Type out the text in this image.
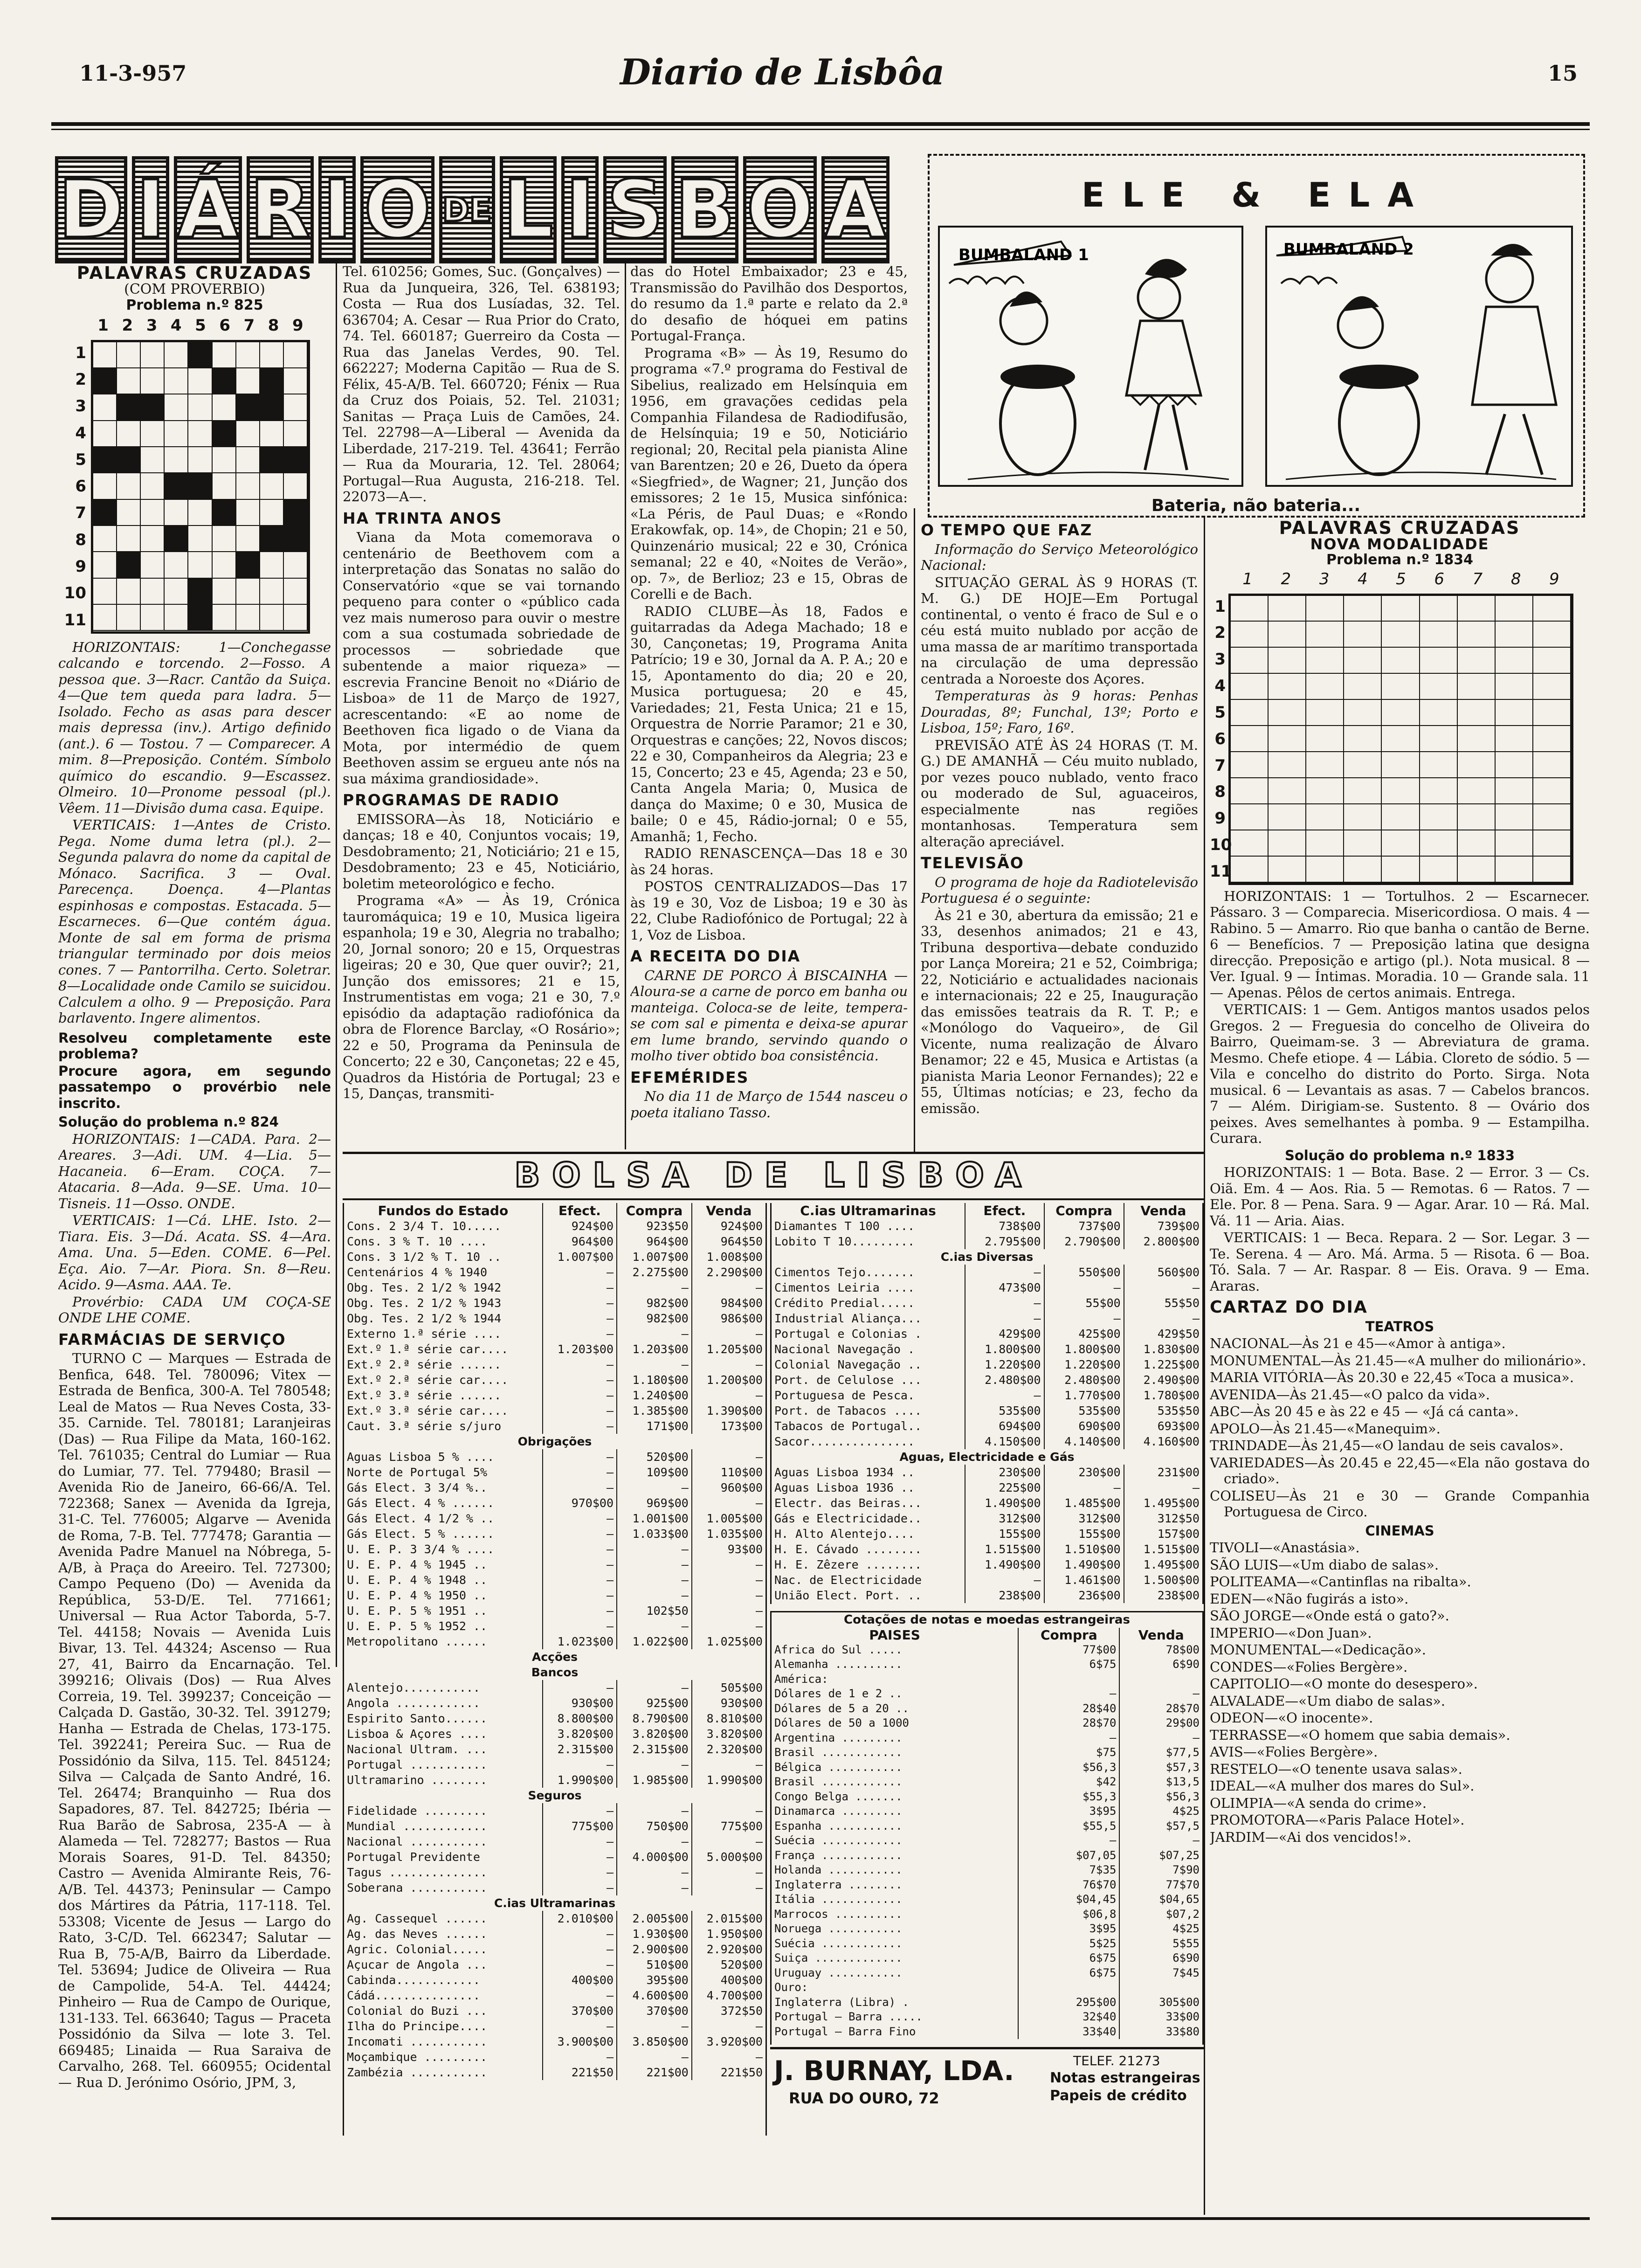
11-3-957	Diario de Lisbôa	15
D I Á R I O DE L I S B O A
PALAVRAS CRUZADAS
(COM PROVERBIO)
Problema n.º 825
1 2 3 4 5 6 7 8 9
1
2
3
4
5
6
7
8
9
10
11

HORIZONTAIS: 1—Conchegasse calcando e torcendo. 2—Fosso. A pessoa que. 3—Racr. Cantão da Suiça. 4—Que tem queda para ladra. 5—Isolado. Fecho as asas para descer mais depressa (inv.). Artigo definido (ant.). 6 — Tostou. 7 — Comparecer. A mim. 8—Preposição. Contém. Símbolo químico do escandio. 9—Escassez. Olmeiro. 10—Pronome pessoal (pl.). Vêem. 11—Divisão duma casa. Equipe.

VERTICAIS: 1—Antes de Cristo. Pega. Nome duma letra (pl.). 2—Segunda palavra do nome da capital de Mónaco. Sacrifica. 3 — Oval. Parecença. Doença. 4—Plantas espinhosas e compostas. Estacada. 5—Escarneces. 6—Que contém água. Monte de sal em forma de prisma triangular terminado por dois meios cones. 7 — Pantorrilha. Certo. Soletrar. 8—Localidade onde Camilo se suicidou. Calculem a olho. 9 — Preposição. Para barlavento. Ingere alimentos.

Resolveu completamente este problema?

Procure agora, em segundo passatempo o provérbio nele inscrito.

Solução do problema n.º 824

HORIZONTAIS: 1—CADA. Para. 2—Areares. 3—Adi. UM. 4—Lia. 5—Hacaneia. 6—Eram. COÇA. 7—Atacaria. 8—Ada. 9—SE. Uma. 10—Tisneis. 11—Osso. ONDE.

VERTICAIS: 1—Cá. LHE. Isto. 2—Tiara. Eis. 3—Dá. Acata. SS. 4—Ara. Ama. Una. 5—Eden. COME. 6—Pel. Eça. Aio. 7—Ar. Piora. Sn. 8—Reu. Acido. 9—Asma. AAA. Te.

Provérbio: CADA UM COÇA-SE ONDE LHE COME.

FARMÁCIAS DE SERVIÇO

TURNO C — Marques — Estrada de Benfica, 648. Tel. 780096; Vitex — Estrada de Benfica, 300-A. Tel 780548; Leal de Matos — Rua Neves Costa, 33-35. Carnide. Tel. 780181; Laranjeiras (Das) — Rua Filipe da Mata, 160-162. Tel. 761035; Central do Lumiar — Rua do Lumiar, 77. Tel. 779480; Brasil — Avenida Rio de Janeiro, 66-66/A. Tel. 722368; Sanex — Avenida da Igreja, 31-C. Tel. 776005; Algarve — Avenida de Roma, 7-B. Tel. 777478; Garantia — Avenida Padre Manuel na Nóbrega, 5-A/B, à Praça do Areeiro. Tel. 727300; Campo Pequeno (Do) — Avenida da República, 53-D/E. Tel. 771661; Universal — Rua Actor Taborda, 5-7. Tel. 44158; Novais — Avenida Luis Bivar, 13. Tel. 44324; Ascenso — Rua 27, 41, Bairro da Encarnação. Tel. 399216; Olivais (Dos) — Rua Alves Correia, 19. Tel. 399237; Conceição — Calçada D. Gastão, 30-32. Tel. 391279; Hanha — Estrada de Chelas, 173-175. Tel. 392241; Pereira Suc. — Rua de Possidónio da Silva, 115. Tel. 845124; Silva — Calçada de Santo André, 16. Tel. 26474; Branquinho — Rua dos Sapadores, 87. Tel. 842725; Ibéria — Rua Barão de Sabrosa, 235-A — à Alameda — Tel. 728277; Bastos — Rua Morais Soares, 91-D. Tel. 84350; Castro — Avenida Almirante Reis, 76-A/B. Tel. 44373; Peninsular — Campo dos Mártires da Pátria, 117-118. Tel. 53308; Vicente de Jesus — Largo do Rato, 3-C/D. Tel. 662347; Salutar — Rua B, 75-A/B, Bairro da Liberdade. Tel. 53694; Judice de Oliveira — Rua de Campolide, 54-A. Tel. 44424; Pinheiro — Rua de Campo de Ourique, 131-133. Tel. 663640; Tagus — Praceta Possidónio da Silva — lote 3. Tel. 669485; Linaida — Rua Saraiva de Carvalho, 268. Tel. 660955; Ocidental — Rua D. Jerónimo Osório, JPM, 3,

Tel. 610256; Gomes, Suc. (Gonçalves) — Rua da Junqueira, 326, Tel. 638193; Costa — Rua dos Lusíadas, 32. Tel. 636704; A. Cesar — Rua Prior do Crato, 74. Tel. 660187; Guerreiro da Costa — Rua das Janelas Verdes, 90. Tel. 662227; Moderna Capitão — Rua de S. Félix, 45-A/B. Tel. 660720; Fénix — Rua da Cruz dos Poiais, 52. Tel. 21031; Sanitas — Praça Luis de Camões, 24. Tel. 22798—A—Liberal — Avenida da Liberdade, 217-219. Tel. 43641; Ferrão — Rua da Mouraria, 12. Tel. 28064; Portugal—Rua Augusta, 216-218. Tel. 22073—A—.

HA TRINTA ANOS

Viana da Mota comemorava o centenário de Beethovem com a interpretação das Sonatas no salão do Conservatório «que se vai tornando pequeno para conter o «público cada vez mais numeroso para ouvir o mestre com a sua costumada sobriedade de processos — sobriedade que subentende a maior riqueza» — escrevia Francine Benoit no «Diário de Lisboa» de 11 de Março de 1927, acrescentando: «E ao nome de Beethoven fica ligado o de Viana da Mota, por intermédio de quem Beethoven assim se ergueu ante nós na sua máxima grandiosidade».

PROGRAMAS DE RADIO

EMISSORA—Às 18, Noticiário e danças; 18 e 40, Conjuntos vocais; 19, Desdobramento; 21, Noticiário; 21 e 15, Desdobramento; 23 e 45, Noticiário, boletim meteorológico e fecho.

Programa «A» — Às 19, Crónica tauromáquica; 19 e 10, Musica ligeira espanhola; 19 e 30, Alegria no trabalho; 20, Jornal sonoro; 20 e 15, Orquestras ligeiras; 20 e 30, Que quer ouvir?; 21, Junção dos emissores; 21 e 15, Instrumentistas em voga; 21 e 30, 7.º episódio da adaptação radiofónica da obra de Florence Barclay, «O Rosário»; 22 e 50, Programa da Peninsula de Concerto; 22 e 30, Cançonetas; 22 e 45, Quadros da História de Portugal; 23 e 15, Danças, transmiti-

das do Hotel Embaixador; 23 e 45, Transmissão do Pavilhão dos Desportos, do resumo da 1.ª parte e relato da 2.ª do desafio de hóquei em patins Portugal-França.

Programa «B» — Às 19, Resumo do programa «7.º programa do Festival de Sibelius, realizado em Helsínquia em 1956, em gravações cedidas pela Companhia Filandesa de Radiodifusão, de Helsínquia; 19 e 50, Noticiário regional; 20, Recital pela pianista Aline van Barentzen; 20 e 26, Dueto da ópera «Siegfried», de Wagner; 21, Junção dos emissores; 2 1e 15, Musica sinfónica: «La Péris, de Paul Duas; e «Rondo Erakowfak, op. 14», de Chopin; 21 e 50, Quinzenário musical; 22 e 30, Crónica semanal; 22 e 40, «Noites de Verão», op. 7», de Berlioz; 23 e 15, Obras de Corelli e de Bach.

RADIO CLUBE—Às 18, Fados e guitarradas da Adega Machado; 18 e 30, Cançonetas; 19, Programa Anita Patrício; 19 e 30, Jornal da A. P. A.; 20 e 15, Apontamento do dia; 20 e 20, Musica portuguesa; 20 e 45, Variedades; 21, Festa Unica; 21 e 15, Orquestra de Norrie Paramor; 21 e 30, Orquestras e canções; 22, Novos discos; 22 e 30, Companheiros da Alegria; 23 e 15, Concerto; 23 e 45, Agenda; 23 e 50, Canta Angela Maria; 0, Musica de dança do Maxime; 0 e 30, Musica de baile; 0 e 45, Rádio-jornal; 0 e 55, Amanhã; 1, Fecho.

RADIO RENASCENÇA—Das 18 e 30 às 24 horas.

POSTOS CENTRALIZADOS—Das 17 às 19 e 30, Voz de Lisboa; 19 e 30 às 22, Clube Radiofónico de Portugal; 22 à 1, Voz de Lisboa.

A RECEITA DO DIA

CARNE DE PORCO À BISCAINHA — Aloura-se a carne de porco em banha ou manteiga. Coloca-se de leite, tempera-se com sal e pimenta e deixa-se apurar em lume brando, servindo quando o molho tiver obtido boa consistência.

EFEMÉRIDES

No dia 11 de Março de 1544 nasceu o poeta italiano Tasso.

ELE & ELA
BUMBALAND 1	BUMBALAND 2
Bateria, não bateria...
O TEMPO QUE FAZ

Informação do Serviço Meteorológico Nacional:

SITUAÇÃO GERAL ÀS 9 HORAS (T. M. G.) DE HOJE—Em Portugal continental, o vento é fraco de Sul e o céu está muito nublado por acção de uma massa de ar marítimo transportada na circulação de uma depressão centrada a Noroeste dos Açores.

Temperaturas às 9 horas: Penhas Douradas, 8º; Funchal, 13º; Porto e Lisboa, 15º; Faro, 16º.

PREVISÃO ATÉ ÀS 24 HORAS (T. M. G.) DE AMANHÃ — Céu muito nublado, por vezes pouco nublado, vento fraco ou moderado de Sul, aguaceiros, especialmente nas regiões montanhosas. Temperatura sem alteração apreciável.

TELEVISÃO

O programa de hoje da Radiotelevisão Portuguesa é o seguinte:

Às 21 e 30, abertura da emissão; 21 e 33, desenhos animados; 21 e 43, Tribuna desportiva—debate conduzido por Lança Moreira; 21 e 52, Coimbriga; 22, Noticiário e actualidades nacionais e internacionais; 22 e 25, Inauguração das emissões teatrais da R. T. P.; e «Monólogo do Vaqueiro», de Gil Vicente, numa realização de Álvaro Benamor; 22 e 45, Musica e Artistas (a pianista Maria Leonor Fernandes); 22 e 55, Últimas notícias; e 23, fecho da emissão.

PALAVRAS CRUZADAS
NOVA MODALIDADE
Problema n.º 1834
1 2 3 4 5 6 7 8 9
1
2
3
4
5
6
7
8
9
10
11

HORIZONTAIS: 1 — Tortulhos. 2 — Escarnecer. Pássaro. 3 — Comparecia. Misericordiosa. O mais. 4 — Rabino. 5 — Amarro. Rio que banha o cantão de Berne. 6 — Benefícios. 7 — Preposição latina que designa direcção. Preposição e artigo (pl.). Nota musical. 8 — Ver. Igual. 9 — Íntimas. Moradia. 10 — Grande sala. 11 — Apenas. Pêlos de certos animais. Entrega.

VERTICAIS: 1 — Gem. Antigos mantos usados pelos Gregos. 2 — Freguesia do concelho de Oliveira do Bairro, Queimam-se. 3 — Abreviatura de grama. Mesmo. Chefe etiope. 4 — Lábia. Cloreto de sódio. 5 — Vila e concelho do distrito do Porto. Sirga. Nota musical. 6 — Levantais as asas. 7 — Cabelos brancos. 7 — Além. Dirigiam-se. Sustento. 8 — Ovário dos peixes. Aves semelhantes à pomba. 9 — Estampilha. Curara.

Solução do problema n.º 1833

HORIZONTAIS: 1 — Bota. Base. 2 — Error. 3 — Cs. Oiã. Em. 4 — Aos. Ria. 5 — Remotas. 6 — Ratos. 7 — Ele. Por. 8 — Pena. Sara. 9 — Agar. Arar. 10 — Rá. Mal. Vá. 11 — Aria. Aias.

VERTICAIS: 1 — Beca. Repara. 2 — Sor. Legar. 3 — Te. Serena. 4 — Aro. Má. Arma. 5 — Risota. 6 — Boa. Tó. Sala. 7 — Ar. Raspar. 8 — Eis. Orava. 9 — Ema. Araras.

CARTAZ DO DIA

TEATROS

NACIONAL—Às 21 e 45—«Amor à antiga».

MONUMENTAL—Às 21.45—«A mulher do milionário».

MARIA VITÓRIA—Às 20.30 e 22,45 «Toca a musica».

AVENIDA—Às 21.45—«O palco da vida».

ABC—Às 20 45 e às 22 e 45 — «Já cá canta».

APOLO—Às 21.45—«Manequim».

TRINDADE—Às 21,45—«O landau de seis cavalos».

VARIEDADES—Às 20.45 e 22,45—«Ela não gostava do criado».

COLISEU—Às 21 e 30 — Grande Companhia Portuguesa de Circo.

CINEMAS

TIVOLI—«Anastásia».

SÃO LUIS—«Um diabo de salas».

POLITEAMA—«Cantinflas na ribalta».

EDEN—«Não fugirás a isto».

SÃO JORGE—«Onde está o gato?».

IMPERIO—«Don Juan».

MONUMENTAL—«Dedicação».

CONDES—«Folies Bergère».

CAPITOLIO—«O monte do desespero».

ALVALADE—«Um diabo de salas».

ODEON—«O inocente».

TERRASSE—«O homem que sabia demais».

AVIS—«Folies Bergère».

RESTELO—«O tenente usava salas».

IDEAL—«A mulher dos mares do Sul».

OLIMPIA—«A senda do crime».

PROMOTORA—«Paris Palace Hotel».

JARDIM—«Ai dos vencidos!».

BOLSA DE LISBOA
Fundos do Estado	Efect.	Compra	Venda
Cons. 2 3/4 T. 10.....	924$00	923$50	924$00
Cons. 3 % T. 10 ....	964$00	964$00	964$50
Cons. 3 1/2 % T. 10 ..	1.007$00	1.007$00	1.008$00
Centenários 4 % 1940	—	2.275$00	2.290$00
Obg. Tes. 2 1/2 % 1942	—	—	—
Obg. Tes. 2 1/2 % 1943	—	982$00	984$00
Obg. Tes. 2 1/2 % 1944	—	982$00	986$00
Externo 1.ª série ....	—	—	—
Ext.º 1.ª série car....	1.203$00	1.203$00	1.205$00
Ext.º 2.ª série ......	—	—	—
Ext.º 2.ª série car....	—	1.180$00	1.200$00
Ext.º 3.ª série ......	—	1.240$00	—
Ext.º 3.ª série car....	—	1.385$00	1.390$00
Caut. 3.ª série s/juro	—	171$00	173$00
Obrigações			
Aguas Lisboa 5 % ....	—	520$00	—
Norte de Portugal 5%	—	109$00	110$00
Gás Elect. 3 3/4 %..	—	—	960$00
Gás Elect. 4 % ......	970$00	969$00	—
Gás Elect. 4 1/2 % ..	—	1.001$00	1.005$00
Gás Elect. 5 % ......	—	1.033$00	1.035$00
U. E. P. 3 3/4 % ....	—	—	93$00
U. E. P. 4 % 1945 ..	—	—	—
U. E. P. 4 % 1948 ..	—	—	—
U. E. P. 4 % 1950 ..	—	—	—
U. E. P. 5 % 1951 ..	—	102$50	—
U. E. P. 5 % 1952 ..	—	—	—
Metropolitano ......	1.023$00	1.022$00	1.025$00
Acções			
Bancos			
Alentejo...........	—	—	505$00
Angola ............	930$00	925$00	930$00
Espirito Santo......	8.800$00	8.790$00	8.810$00
Lisboa & Açores ....	3.820$00	3.820$00	3.820$00
Nacional Ultram. ...	2.315$00	2.315$00	2.320$00
Portugal ...........	—	—	—
Ultramarino ........	1.990$00	1.985$00	1.990$00
Seguros			
Fidelidade .........	—	—	—
Mundial ............	775$00	750$00	775$00
Nacional ...........	—	—	—
Portugal Previdente	—	4.000$00	5.000$00
Tagus ..............	—	—	—
Soberana ...........	—	—	—
C.ias Ultramarinas			
Ag. Cassequel ......	2.010$00	2.005$00	2.015$00
Ag. das Neves ......	—	1.930$00	1.950$00
Agric. Colonial.....	—	2.900$00	2.920$00
Açucar de Angola ...	—	510$00	520$00
Cabinda............	400$00	395$00	400$00
Cádá...............	—	4.600$00	4.700$00
Colonial do Buzi ...	370$00	370$00	372$50
Ilha do Principe....	—	—	—
Incomati ...........	3.900$00	3.850$00	3.920$00
Moçambique .........	—	—	—
Zambézia ...........	221$50	221$00	221$50
C.ias Ultramarinas	Efect.	Compra	Venda
Diamantes T 100 ....	738$00	737$00	739$00
Lobito T 10.........	2.795$00	2.790$00	2.800$00
C.ias Diversas			
Cimentos Tejo.......	—	550$00	560$00
Cimentos Leiria ....	473$00	—	—
Crédito Predial.....	—	55$00	55$50
Industrial Aliança...	—	—	—
Portugal e Colonias .	429$00	425$00	429$50
Nacional Navegação .	1.800$00	1.800$00	1.830$00
Colonial Navegação ..	1.220$00	1.220$00	1.225$00
Port. de Celulose ...	2.480$00	2.480$00	2.490$00
Portuguesa de Pesca.	—	1.770$00	1.780$00
Port. de Tabacos ....	535$00	535$00	535$50
Tabacos de Portugal..	694$00	690$00	693$00
Sacor...............	4.150$00	4.140$00	4.160$00
Aguas, Electricidade e Gás			
Aguas Lisboa 1934 ..	230$00	230$00	231$00
Aguas Lisboa 1936 ..	225$00	—	—
Electr. das Beiras...	1.490$00	1.485$00	1.495$00
Gás e Electricidade..	312$00	312$00	312$50
H. Alto Alentejo....	155$00	155$00	157$00
H. E. Cávado ........	1.515$00	1.510$00	1.515$00
H. E. Zêzere ........	1.490$00	1.490$00	1.495$00
Nac. de Electricidade	—	1.461$00	1.500$00
União Elect. Port. ..	238$00	236$00	238$00
Cotações de notas e moedas estrangeiras
PAISES	Compra	Venda
Africa do Sul .....	77$00	78$00
Alemanha ..........	6$75	6$90
América:		
Dólares de 1 e 2 ..	—	—
Dólares de 5 a 20 ..	28$40	28$70
Dólares de 50 a 1000	28$70	29$00
Argentina .........	—	—
Brasil ............	$75	$77,5
Bélgica ...........	$56,3	$57,3
Brasil ............	$42	$13,5
Congo Belga .......	$55,3	$56,3
Dinamarca .........	3$95	4$25
Espanha ...........	$55,5	$57,5
Suécia ............	—	—
França ............	$07,05	$07,25
Holanda ...........	7$35	7$90
Inglaterra ........	76$70	77$70
Itália ............	$04,45	$04,65
Marrocos ..........	$06,8	$07,2
Noruega ...........	3$95	4$25
Suécia ............	5$25	5$55
Suiça .............	6$75	6$90
Uruguay ...........	6$75	7$45
Ouro:		
Inglaterra (Libra) .	295$00	305$00
Portugal — Barra .....	32$40	33$00
Portugal — Barra Fino	33$40	33$80
J. BURNAY, LDA.
RUA DO OURO, 72
TELEF. 21273
Notas estrangeiras
Papeis de crédito
